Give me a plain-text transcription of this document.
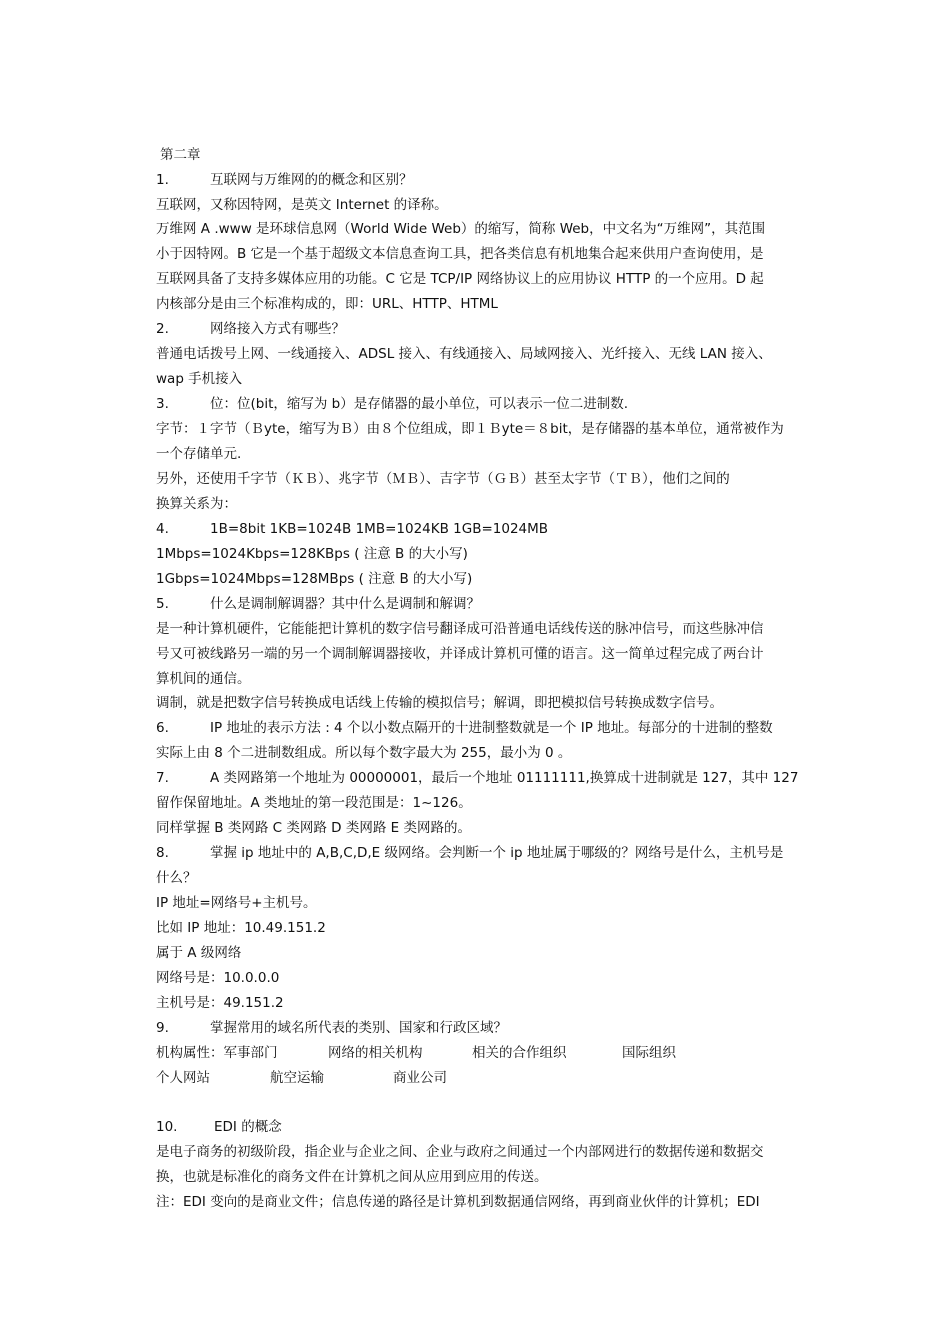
第二章
1.	互联网与万维网的的概念和区别？
互联网，又称因特网，是英文 Internet 的译称。
万维网 A .www 是环球信息网（World Wide Web）的缩写，简称 Web，中文名为“万维网”，其范围
小于因特网。B 它是一个基于超级文本信息查询工具，把各类信息有机地集合起来供用户查询使用，是
互联网具备了支持多媒体应用的功能。C 它是 TCP/IP 网络协议上的应用协议 HTTP 的一个应用。D 起
内核部分是由三个标准构成的，即：URL、HTTP、HTML
2.	网络接入方式有哪些？
普通电话拨号上网、一线通接入、ADSL 接入、有线通接入、局域网接入、光纤接入、无线 LAN 接入、
wap 手机接入
3.	位：位(bit，缩写为 b）是存储器的最小单位，可以表示一位二进制数.
字节：１字节（Ｂyte，缩写为Ｂ）由８个位组成，即１Ｂyte＝８bit，是存储器的基本单位，通常被作为
一个存储单元.
另外，还使用千字节（ＫＢ）、兆字节（ＭＢ）、吉字节（ＧＢ）甚至太字节（ＴＢ），他们之间的
换算关系为：
4.	1B=8bit 1KB=1024B 1MB=1024KB 1GB=1024MB
1Mbps=1024Kbps=128KBps ( 注意 B 的大小写)
1Gbps=1024Mbps=128MBps ( 注意 B 的大小写)
5.	什么是调制解调器？其中什么是调制和解调？
是一种计算机硬件，它能能把计算机的数字信号翻译成可沿普通电话线传送的脉冲信号，而这些脉冲信
号又可被线路另一端的另一个调制解调器接收，并译成计算机可懂的语言。这一简单过程完成了两台计
算机间的通信。
调制，就是把数字信号转换成电话线上传输的模拟信号；解调，即把模拟信号转换成数字信号。
6.	IP 地址的表示方法 : 4 个以小数点隔开的十进制整数就是一个 IP 地址。每部分的十进制的整数
实际上由 8 个二进制数组成。所以每个数字最大为 255，最小为 0 。
7.	A 类网路第一个地址为 00000001，最后一个地址 01111111,换算成十进制就是 127，其中 127
留作保留地址。A 类地址的第一段范围是：1~126。
同样掌握 B 类网路 C 类网路 D 类网路 E 类网路的。
8.	掌握 ip 地址中的 A,B,C,D,E 级网络。会判断一个 ip 地址属于哪级的？网络号是什么，主机号是
什么？
IP 地址=网络号+主机号。
比如 IP 地址：10.49.151.2
属于 A 级网络
网络号是：10.0.0.0
主机号是：49.151.2
9.	掌握常用的域名所代表的类别、国家和行政区域？
机构属性：军事部门	网络的相关机构	相关的合作组织	国际组织
个人网站	航空运输	商业公司
10.	EDI 的概念
是电子商务的初级阶段，指企业与企业之间、企业与政府之间通过一个内部网进行的数据传递和数据交
换，也就是标准化的商务文件在计算机之间从应用到应用的传送。
注：EDI 变向的是商业文件；信息传递的路径是计算机到数据通信网络，再到商业伙伴的计算机；EDI
